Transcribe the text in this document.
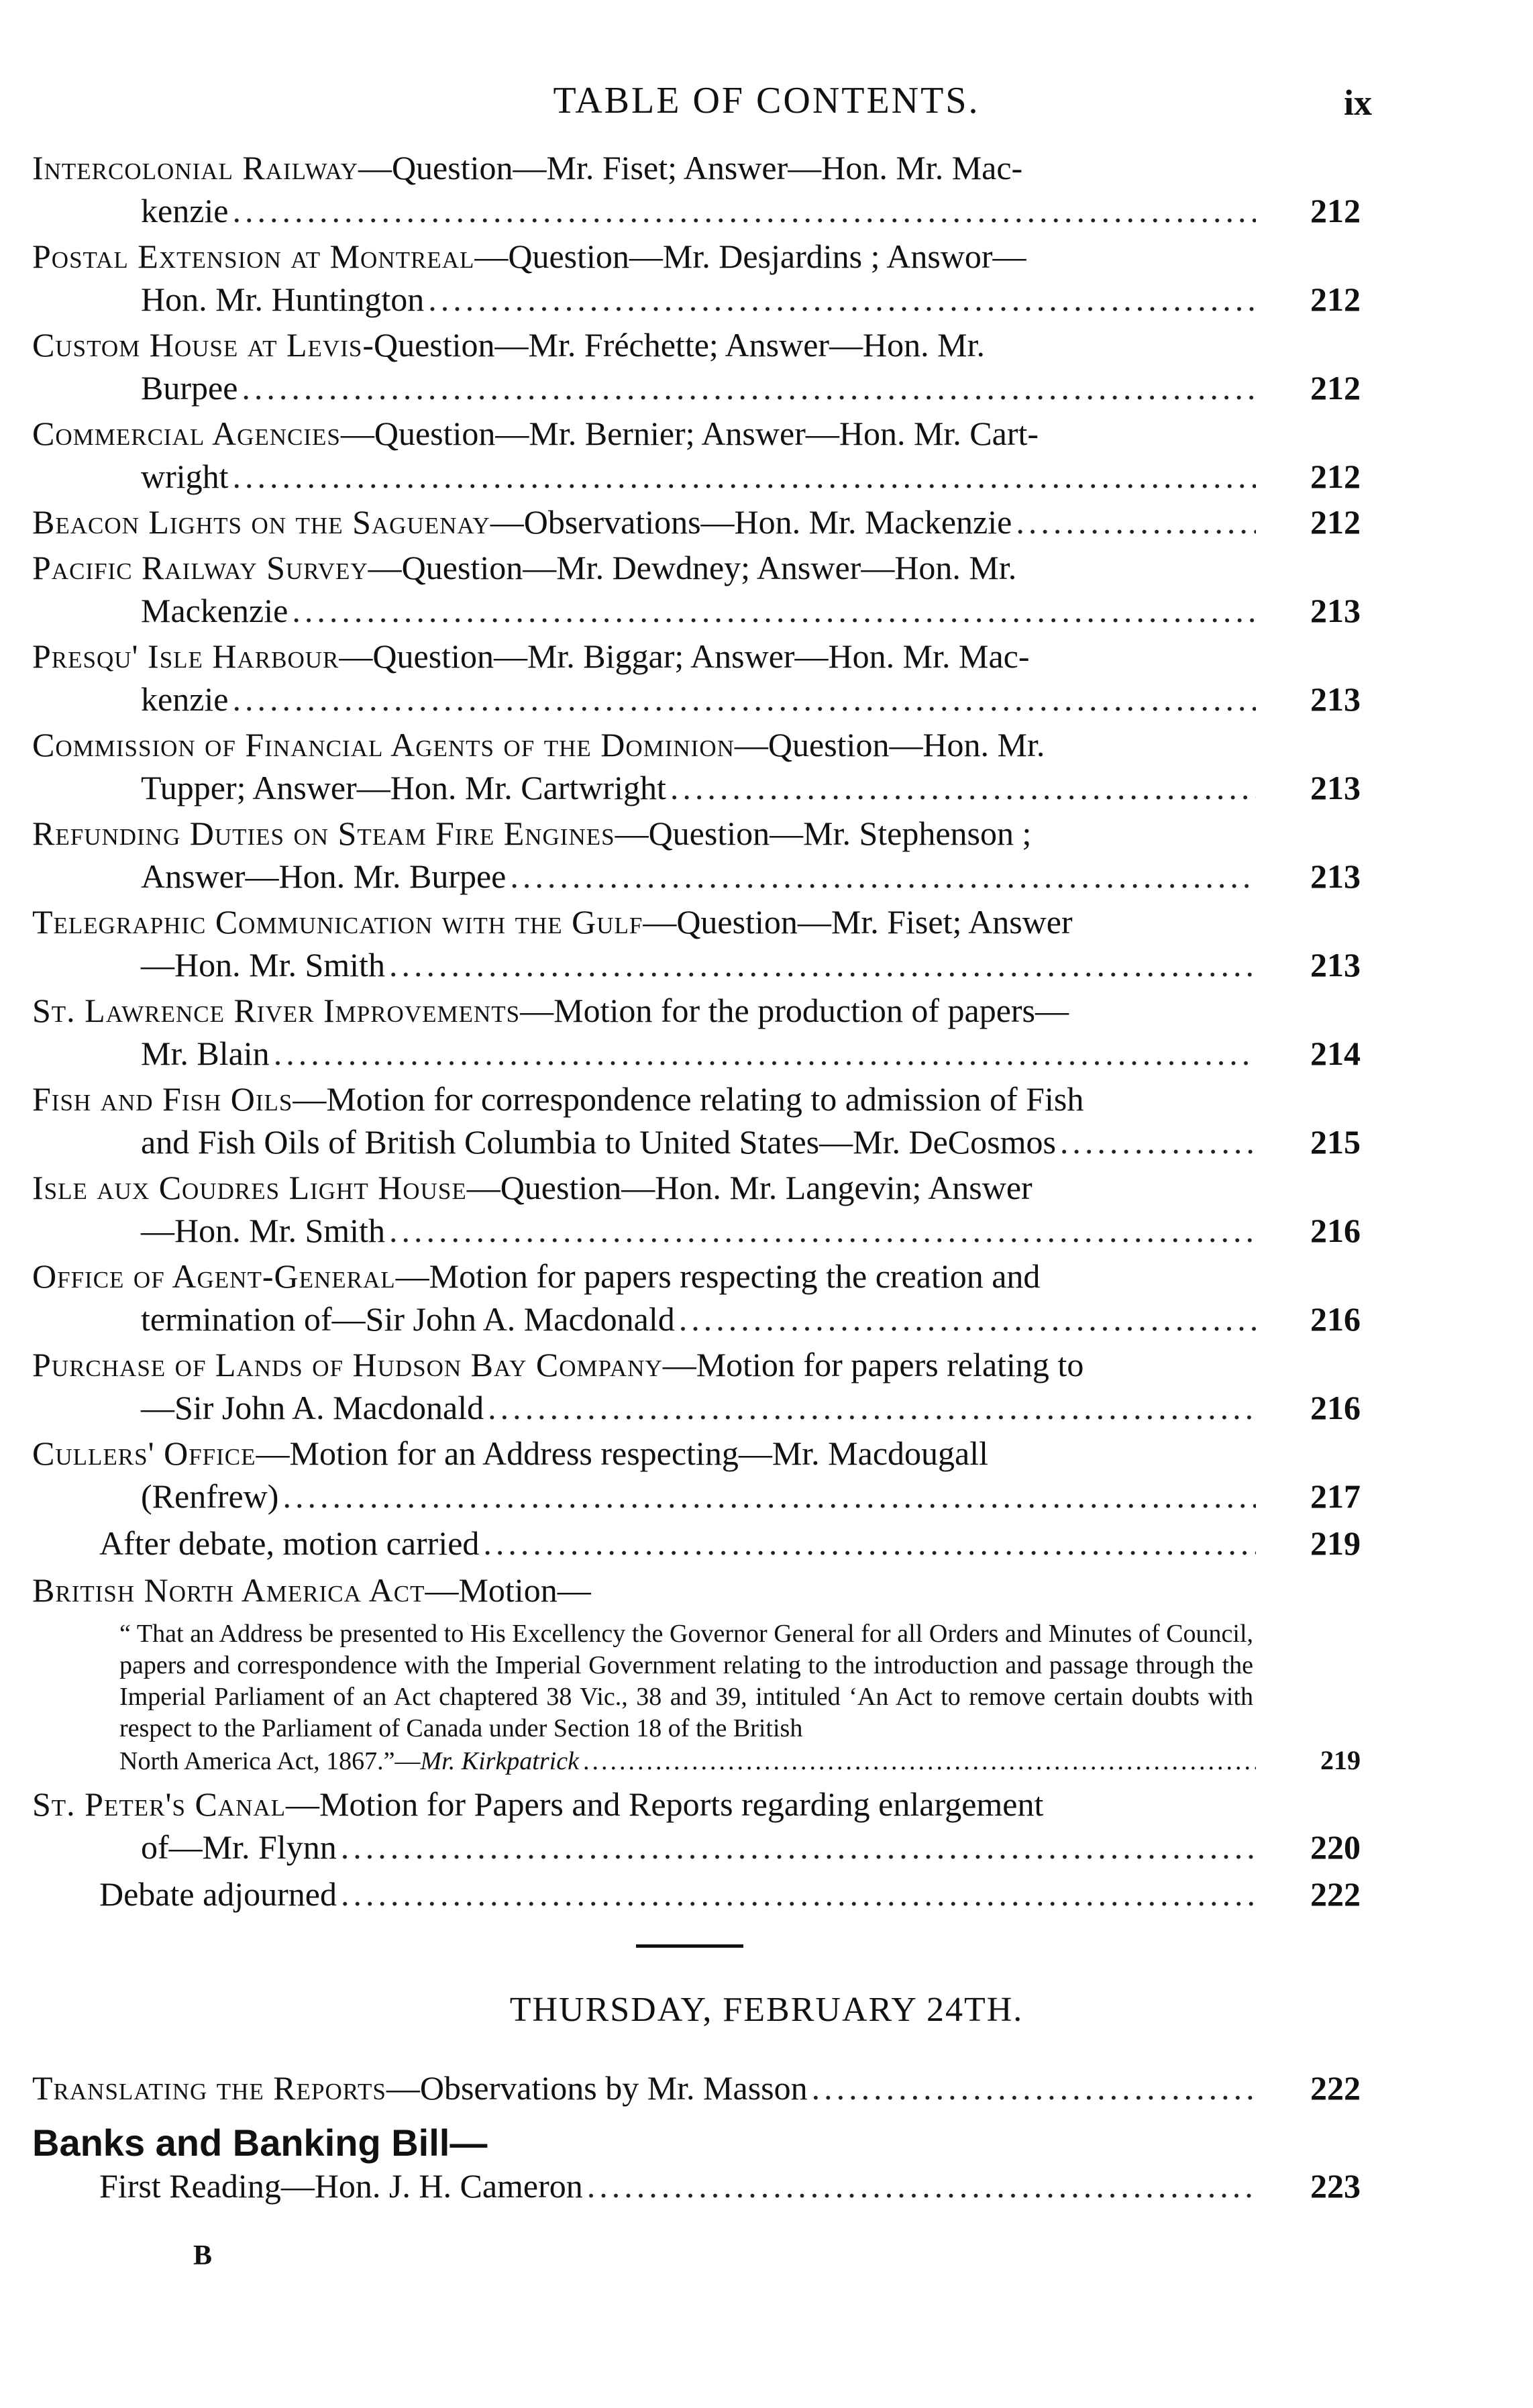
TABLE OF CONTENTS.	ix
Intercolonial Railway—Question—Mr. Fiset; Answer—Hon. Mr. Mac-
kenzie .....	212
Postal Extension at Montreal—Question—Mr. Desjardins ; Answor—
Hon. Mr. Huntington .....	212
Custom House at Levis-Question—Mr. Fréchette; Answer—Hon. Mr.
Burpee .....	212
Commercial Agencies—Question—Mr. Bernier; Answer—Hon. Mr. Cart-
wright .....	212
Beacon Lights on the Saguenay—Observations—Hon. Mr. Mackenzie .....	212
Pacific Railway Survey—Question—Mr. Dewdney; Answer—Hon. Mr.
Mackenzie .....	213
Presqu' Isle Harbour—Question—Mr. Biggar; Answer—Hon. Mr. Mac-
kenzie .....	213
Commission of Financial Agents of the Dominion—Question—Hon. Mr.
Tupper; Answer—Hon. Mr. Cartwright .....	213
Refunding Duties on Steam Fire Engines—Question—Mr. Stephenson ;
Answer—Hon. Mr. Burpee .....	213
Telegraphic Communication with the Gulf—Question—Mr. Fiset; Answer
—Hon. Mr. Smith .....	213
St. Lawrence River Improvements—Motion for the production of papers—
Mr. Blain .....	214
Fish and Fish Oils—Motion for correspondence relating to admission of Fish
and Fish Oils of British Columbia to United States—Mr. DeCosmos .....	215
Isle aux Coudres Light House—Question—Hon. Mr. Langevin; Answer
—Hon. Mr. Smith .....	216
Office of Agent-General—Motion for papers respecting the creation and
termination of—Sir John A. Macdonald .....	216
Purchase of Lands of Hudson Bay Company—Motion for papers relating to
—Sir John A. Macdonald .....	216
Cullers' Office—Motion for an Address respecting—Mr. Macdougall
(Renfrew) .....	217
After debate, motion carried .....	219
British North America Act—Motion—

“ That an Address be presented to His Excellency the Governor General for all Orders and Minutes of Council, papers and correspondence with the Imperial Government relating to the introduction and passage through the Imperial Parliament of an Act chaptered 38 Vic., 38 and 39, intituled ‘An Act to remove certain doubts with respect to the Parliament of Canada under Section 18 of the British

North America Act, 1867.”—Mr. Kirkpatrick .....	219
St. Peter's Canal—Motion for Papers and Reports regarding enlargement
of—Mr. Flynn .....	220
Debate adjourned .....	222
THURSDAY, FEBRUARY 24TH.
Translating the Reports—Observations by Mr. Masson .....	222
Banks and Banking Bill—
First Reading—Hon. J. H. Cameron .....	223
B
